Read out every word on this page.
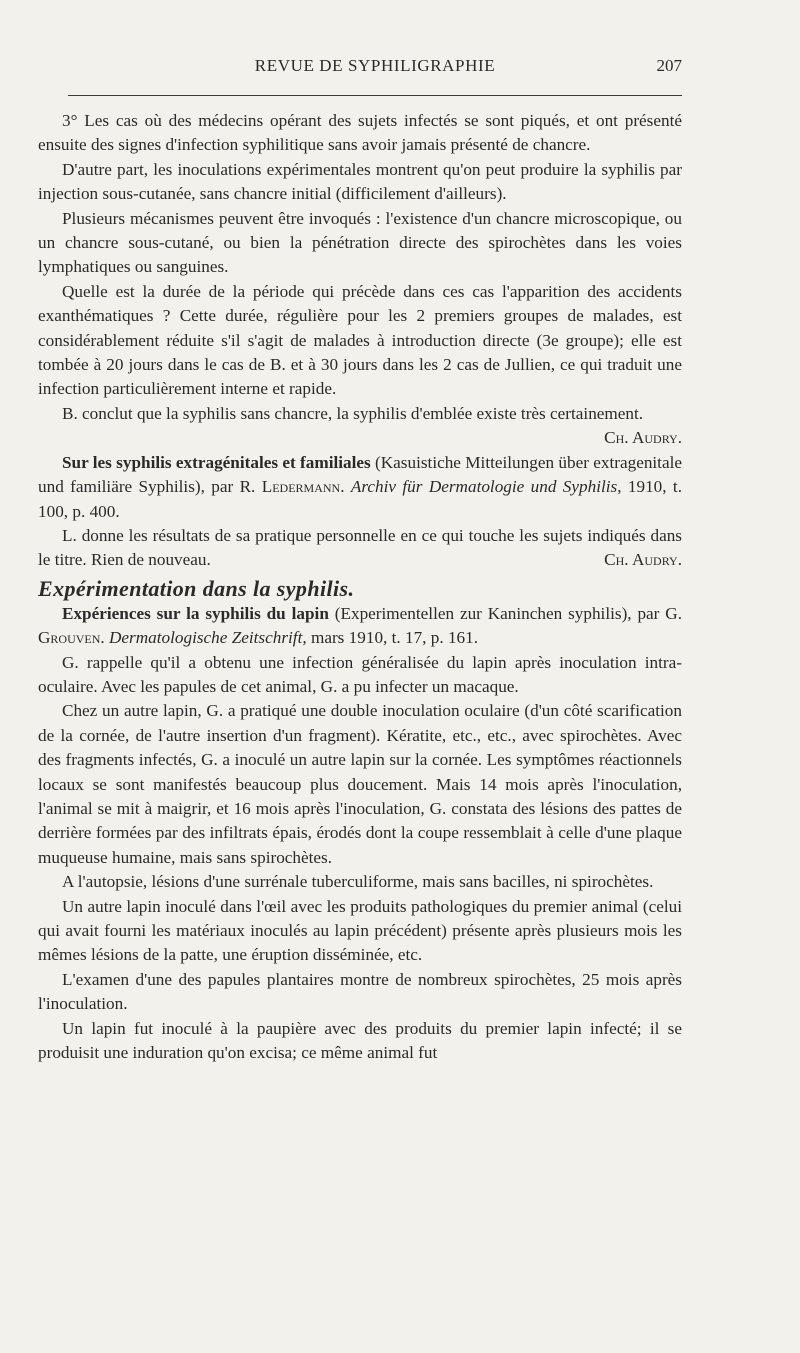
REVUE DE SYPHILIGRAPHIE	207

3° Les cas où des médecins opérant des sujets infectés se sont piqués, et ont présenté ensuite des signes d'infection syphilitique sans avoir jamais présenté de chancre.

D'autre part, les inoculations expérimentales montrent qu'on peut produire la syphilis par injection sous-cutanée, sans chancre initial (difficilement d'ailleurs).

Plusieurs mécanismes peuvent être invoqués : l'existence d'un chancre microscopique, ou un chancre sous-cutané, ou bien la pénétration directe des spirochètes dans les voies lymphatiques ou sanguines.

Quelle est la durée de la période qui précède dans ces cas l'apparition des accidents exanthématiques ? Cette durée, régulière pour les 2 premiers groupes de malades, est considérablement réduite s'il s'agit de malades à introduction directe (3e groupe); elle est tombée à 20 jours dans le cas de B. et à 30 jours dans les 2 cas de Jullien, ce qui traduit une infection particulièrement interne et rapide.

B. conclut que la syphilis sans chancre, la syphilis d'emblée existe très certainement.
Ch. Audry.

Sur les syphilis extragénitales et familiales (Kasuistiche Mitteilungen über extragenitale und familiäre Syphilis), par R. Ledermann. Archiv für Dermatologie und Syphilis, 1910, t. 100, p. 400.

L. donne les résultats de sa pratique personnelle en ce qui touche les sujets indiqués dans le titre. Rien de nouveau.	Ch. Audry.

Expérimentation dans la syphilis.

Expériences sur la syphilis du lapin (Experimentellen zur Kaninchen syphilis), par G. Grouven. Dermatologische Zeitschrift, mars 1910, t. 17, p. 161.

G. rappelle qu'il a obtenu une infection généralisée du lapin après inoculation intra-oculaire. Avec les papules de cet animal, G. a pu infecter un macaque.

Chez un autre lapin, G. a pratiqué une double inoculation oculaire (d'un côté scarification de la cornée, de l'autre insertion d'un fragment). Kératite, etc., etc., avec spirochètes. Avec des fragments infectés, G. a inoculé un autre lapin sur la cornée. Les symptômes réactionnels locaux se sont manifestés beaucoup plus doucement. Mais 14 mois après l'inoculation, l'animal se mit à maigrir, et 16 mois après l'inoculation, G. constata des lésions des pattes de derrière formées par des infiltrats épais, érodés dont la coupe ressemblait à celle d'une plaque muqueuse humaine, mais sans spirochètes.

A l'autopsie, lésions d'une surrénale tuberculiforme, mais sans bacilles, ni spirochètes.

Un autre lapin inoculé dans l'œil avec les produits pathologiques du premier animal (celui qui avait fourni les matériaux inoculés au lapin précédent) présente après plusieurs mois les mêmes lésions de la patte, une éruption disséminée, etc.

L'examen d'une des papules plantaires montre de nombreux spirochètes, 25 mois après l'inoculation.

Un lapin fut inoculé à la paupière avec des produits du premier lapin infecté; il se produisit une induration qu'on excisa; ce même animal fut
